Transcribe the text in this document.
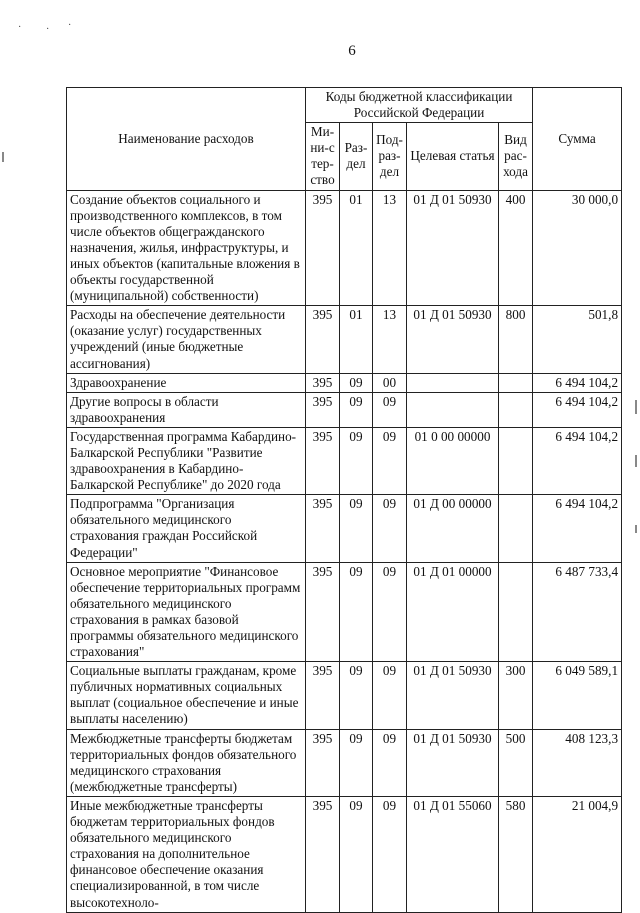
6
Наименование расходов	Коды бюджетной классификации Российской Федерации					Сумма
	Ми-ни-стер-ство	Раз-дел	Под-раз-дел	Целевая статья	Вид рас-хода	
Создание объектов социального и производственного комплексов, в том числе объектов общегражданского назначения, жилья, инфраструктуры, и иных объектов (капитальные вложения в объекты государственной (муниципальной) собственности)	395	01	13	01 Д 01 50930	400	30 000,0
Расходы на обеспечение деятельности (оказание услуг) государственных учреждений (иные бюджетные ассигнования)	395	01	13	01 Д 01 50930	800	501,8
Здравоохранение	395	09	00			6 494 104,2
Другие вопросы в области здравоохранения	395	09	09			6 494 104,2
Государственная программа Кабардино-Балкарской Республики "Развитие здравоохранения в Кабардино-Балкарской Республике" до 2020 года	395	09	09	01 0 00 00000		6 494 104,2
Подпрограмма "Организация обязательного медицинского страхования граждан Российской Федерации"	395	09	09	01 Д 00 00000		6 494 104,2
Основное мероприятие "Финансовое обеспечение территориальных программ обязательного медицинского страхования в рамках базовой программы обязательного медицинского страхования"	395	09	09	01 Д 01 00000		6 487 733,4
Социальные выплаты гражданам, кроме публичных нормативных социальных выплат (социальное обеспечение и иные выплаты населению)	395	09	09	01 Д 01 50930	300	6 049 589,1
Межбюджетные трансферты бюджетам территориальных фондов обязательного медицинского страхования (межбюджетные трансферты)	395	09	09	01 Д 01 50930	500	408 123,3
Иные межбюджетные трансферты бюджетам территориальных фондов обязательного медицинского страхования на дополнительное финансовое обеспечение оказания специализированной, в том числе высокотехноло-	395	09	09	01 Д 01 55060	580	21 004,9
· · ·
